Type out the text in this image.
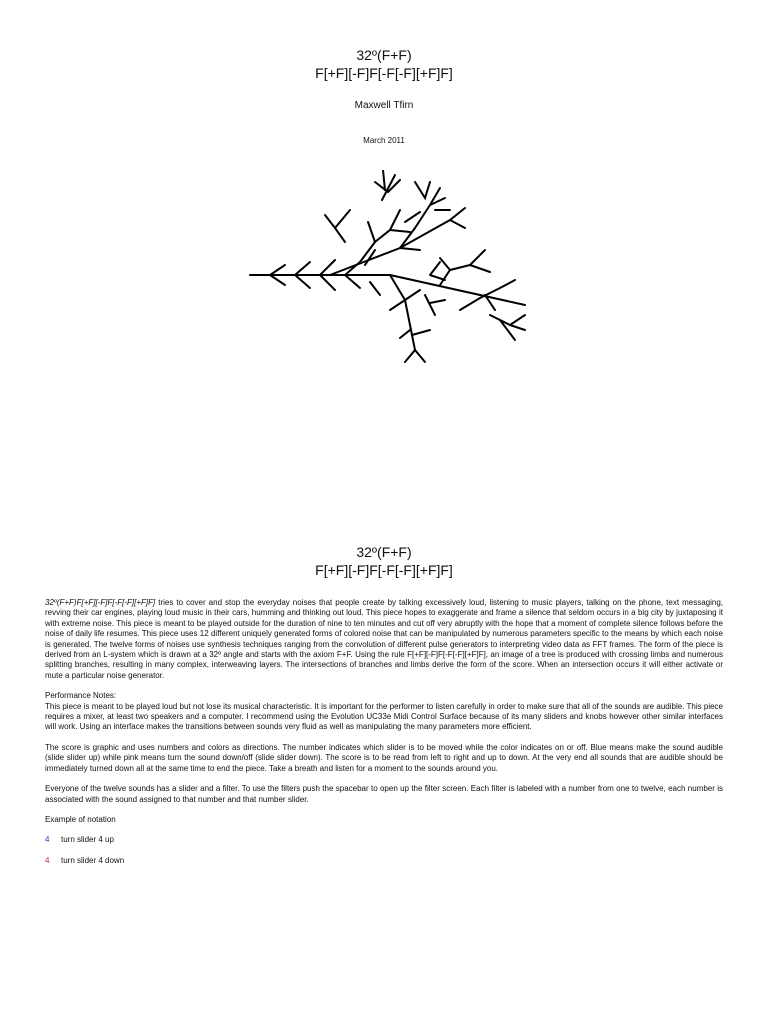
32º(F+F)
F[+F][-F]F[-F[-F][+F]F]
Maxwell Tfirn
March 2011
32º(F+F)
F[+F][-F]F[-F[-F][+F]F]

32º(F+F)F[+F][-F]F[-F[-F][+F]F] tries to cover and stop the everyday noises that people create by talking excessively loud, listening to music players, talking on the phone, text messaging, revving their car engines, playing loud music in their cars, humming and thinking out loud. This piece hopes to exaggerate and frame a silence that seldom occurs in a big city by juxtaposing it with extreme noise. This piece is meant to be played outside for the duration of nine to ten minutes and cut off very abruptly with the hope that a moment of complete silence follows before the noise of daily life resumes. This piece uses 12 different uniquely generated forms of colored noise that can be manipulated by numerous parameters specific to the means by which each noise is generated. The twelve forms of noises use synthesis techniques ranging from the convolution of different pulse generators to interpreting video data as FFT frames. The form of the piece is derived from an L-system which is drawn at a 32º angle and starts with the axiom F+F. Using the rule F[+F][-F]F[-F[-F][+F]F], an image of a tree is produced with crossing limbs and numerous splitting branches, resulting in many complex, interweaving layers. The intersections of branches and limbs derive the form of the score. When an intersection occurs it will either activate or mute a particular noise generator.

Performance Notes:

This piece is meant to be played loud but not lose its musical characteristic. It is important for the performer to listen carefully in order to make sure that all of the sounds are audible. This piece requires a mixer, at least two speakers and a computer. I recommend using the Evolution UC33e Midi Control Surface because of its many sliders and knobs however other similar interfaces will work. Using an interface makes the transitions between sounds very fluid as well as manipulating the many parameters more efficient.

The score is graphic and uses numbers and colors as directions. The number indicates which slider is to be moved while the color indicates on or off. Blue means make the sound audible (slide slider up) while pink means turn the sound down/off (slide slider down). The score is to be read from left to right and up to down. At the very end all sounds that are audible should be immediately turned down all at the same time to end the piece. Take a breath and listen for a moment to the sounds around you.

Everyone of the twelve sounds has a slider and a filter. To use the filters push the spacebar to open up the filter screen. Each filter is labeled with a number from one to twelve, each number is associated with the sound assigned to that number and that number slider.

Example of notation

4	turn slider 4 up
4	turn slider 4 down
